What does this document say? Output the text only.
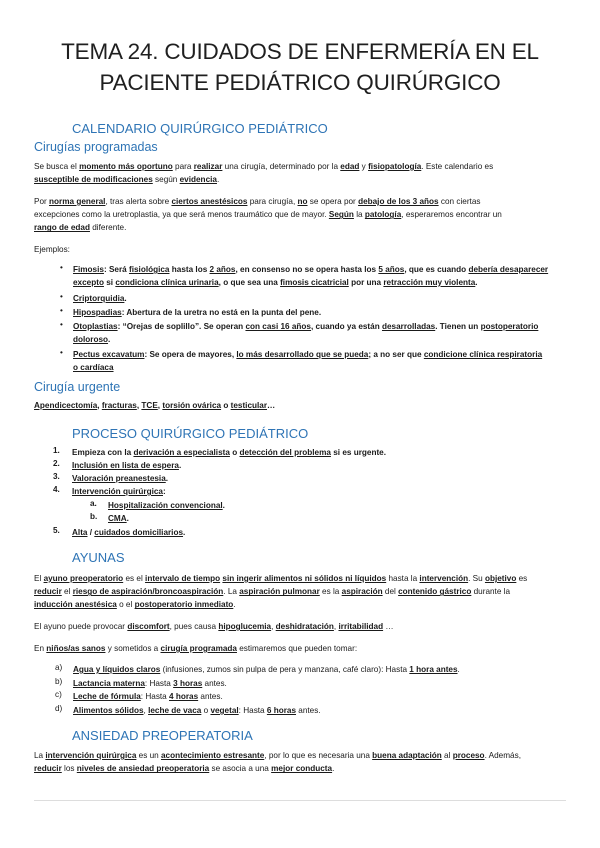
TEMA 24. CUIDADOS DE ENFERMERÍA EN EL
PACIENTE PEDIÁTRICO QUIRÚRGICO
CALENDARIO QUIRÚRGICO PEDIÁTRICO
Cirugías programadas
Se busca el momento más oportuno para realizar una cirugía, determinado por la edad y fisiopatología. Este calendario es
susceptible de modificaciones según evidencia.
Por norma general, tras alerta sobre ciertos anestésicos para cirugía, no se opera por debajo de los 3 años con ciertas
excepciones como la uretroplastia, ya que será menos traumático que de mayor. Según la patología, esperaremos encontrar un
rango de edad diferente.
Ejemplos:
• Fimosis: Será fisiológica hasta los 2 años, en consenso no se opera hasta los 5 años, que es cuando debería desaparecer
excepto si condiciona clínica urinaria, o que sea una fimosis cicatricial por una retracción muy violenta.
• Criptorquidia.
• Hipospadias: Abertura de la uretra no está en la punta del pene.
• Otoplastias: “Orejas de soplillo”. Se operan con casi 16 años, cuando ya están desarrolladas. Tienen un postoperatorio
doloroso.
• Pectus excavatum: Se opera de mayores, lo más desarrollado que se pueda; a no ser que condicione clínica respiratoria
o cardíaca
Cirugía urgente
Apendicectomía, fracturas, TCE, torsión ovárica o testicular…
PROCESO QUIRÚRGICO PEDIÁTRICO
1. Empieza con la derivación a especialista o detección del problema si es urgente.
2. Inclusión en lista de espera.
3. Valoración preanestesia.
4. Intervención quirúrgica:
a. Hospitalización convencional.
b. CMA.
5. Alta / cuidados domiciliarios.
AYUNAS
El ayuno preoperatorio es el intervalo de tiempo sin ingerir alimentos ni sólidos ni líquidos hasta la intervención. Su objetivo es
reducir el riesgo de aspiración/broncoaspiración. La aspiración pulmonar es la aspiración del contenido gástrico durante la
inducción anestésica o el postoperatorio inmediato.
El ayuno puede provocar discomfort, pues causa hipoglucemia, deshidratación, irritabilidad …
En niños/as sanos y sometidos a cirugía programada estimaremos que pueden tomar:
a) Agua y líquidos claros (infusiones, zumos sin pulpa de pera y manzana, café claro): Hasta 1 hora antes.
b) Lactancia materna: Hasta 3 horas antes.
c) Leche de fórmula: Hasta 4 horas antes.
d) Alimentos sólidos, leche de vaca o vegetal: Hasta 6 horas antes.
ANSIEDAD PREOPERATORIA
La intervención quirúrgica es un acontecimiento estresante, por lo que es necesaria una buena adaptación al proceso. Además,
reducir los niveles de ansiedad preoperatoria se asocia a una mejor conducta.
